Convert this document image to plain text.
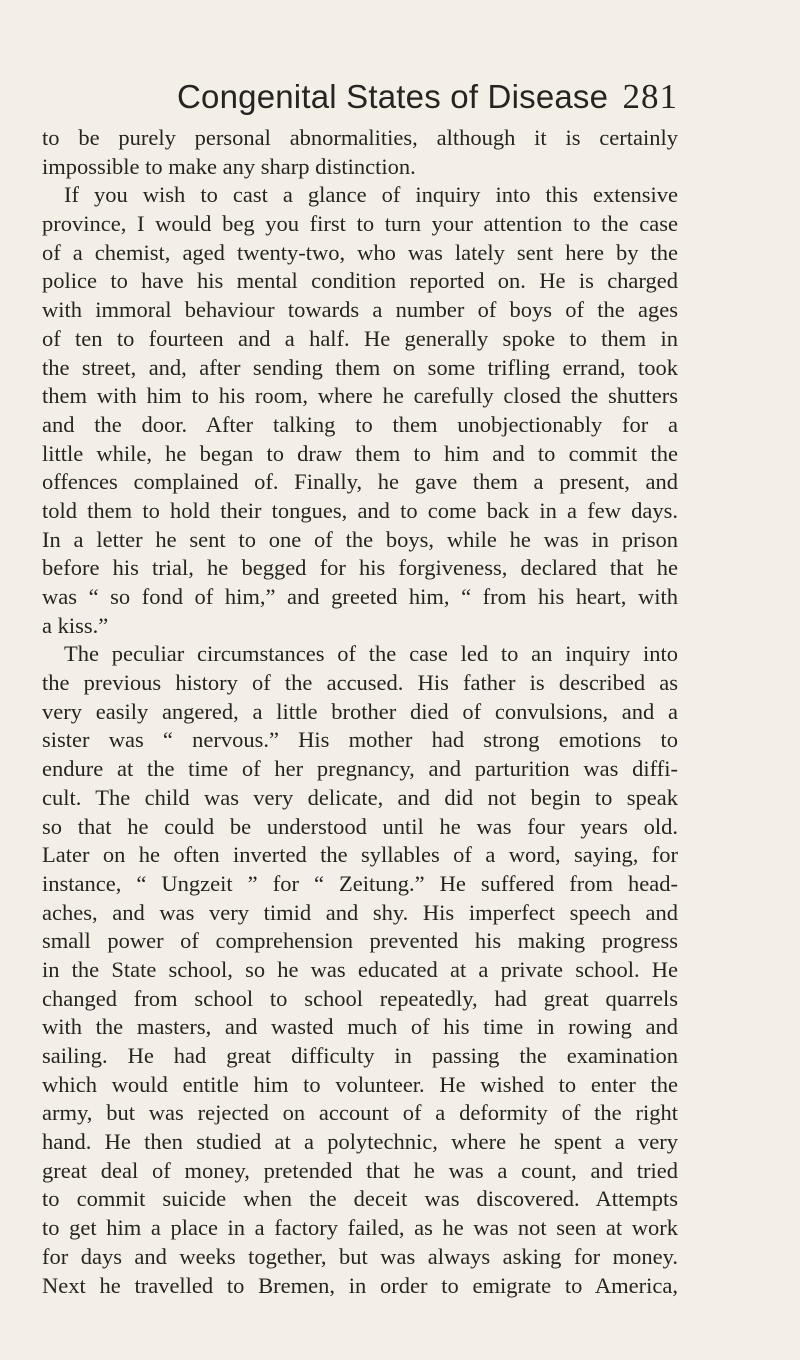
Congenital States of Disease 281
to be purely personal abnormalities, although it is certainly
impossible to make any sharp distinction.
If you wish to cast a glance of inquiry into this extensive
province, I would beg you first to turn your attention to the case
of a chemist, aged twenty-two, who was lately sent here by the
police to have his mental condition reported on. He is charged
with immoral behaviour towards a number of boys of the ages
of ten to fourteen and a half. He generally spoke to them in
the street, and, after sending them on some trifling errand, took
them with him to his room, where he carefully closed the shutters
and the door. After talking to them unobjectionably for a
little while, he began to draw them to him and to commit the
offences complained of. Finally, he gave them a present, and
told them to hold their tongues, and to come back in a few days.
In a letter he sent to one of the boys, while he was in prison
before his trial, he begged for his forgiveness, declared that he
was “ so fond of him,” and greeted him, “ from his heart, with
a kiss.”
The peculiar circumstances of the case led to an inquiry into
the previous history of the accused. His father is described as
very easily angered, a little brother died of convulsions, and a
sister was “ nervous.” His mother had strong emotions to
endure at the time of her pregnancy, and parturition was diffi-
cult. The child was very delicate, and did not begin to speak
so that he could be understood until he was four years old.
Later on he often inverted the syllables of a word, saying, for
instance, “ Ungzeit ” for “ Zeitung.” He suffered from head-
aches, and was very timid and shy. His imperfect speech and
small power of comprehension prevented his making progress
in the State school, so he was educated at a private school. He
changed from school to school repeatedly, had great quarrels
with the masters, and wasted much of his time in rowing and
sailing. He had great difficulty in passing the examination
which would entitle him to volunteer. He wished to enter the
army, but was rejected on account of a deformity of the right
hand. He then studied at a polytechnic, where he spent a very
great deal of money, pretended that he was a count, and tried
to commit suicide when the deceit was discovered. Attempts
to get him a place in a factory failed, as he was not seen at work
for days and weeks together, but was always asking for money.
Next he travelled to Bremen, in order to emigrate to America,
